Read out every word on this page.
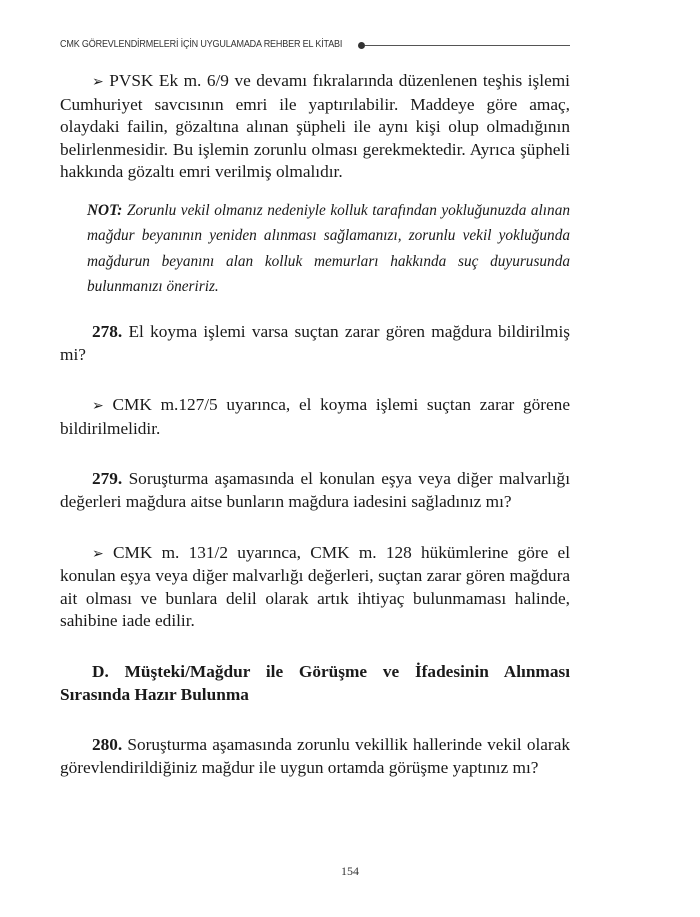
CMK GÖREVLENDİRMELERİ İÇİN UYGULAMADA REHBER EL KİTABI

➢ PVSK Ek m. 6/9 ve devamı fıkralarında düzenlenen teşhis işlemi Cumhuriyet savcısının emri ile yaptırılabilir. Maddeye göre amaç, olaydaki failin, gözaltına alınan şüpheli ile aynı kişi olup olmadığının belirlenmesidir. Bu işlemin zorunlu olması gerekmektedir. Ayrıca şüpheli hakkında gözaltı emri verilmiş olmalıdır.

NOT: Zorunlu vekil olmanız nedeniyle kolluk tarafından yokluğunuzda alınan mağdur beyanının yeniden alınması sağlamanızı, zorunlu vekil yokluğunda mağdurun beyanını alan kolluk memurları hakkında suç duyurusunda bulunmanızı öneririz.

278. El koyma işlemi varsa suçtan zarar gören mağdura bildirilmiş mi?

➢ CMK m.127/5 uyarınca, el koyma işlemi suçtan zarar görene bildirilmelidir.

279. Soruşturma aşamasında el konulan eşya veya diğer malvarlığı değerleri mağdura aitse bunların mağdura iadesini sağladınız mı?

➢ CMK m. 131/2 uyarınca, CMK m. 128 hükümlerine göre el konulan eşya veya diğer malvarlığı değerleri, suçtan zarar gören mağdura ait olması ve bunlara delil olarak artık ihtiyaç bulunmaması halinde, sahibine iade edilir.

D. Müşteki/Mağdur ile Görüşme ve İfadesinin Alınması Sırasında Hazır Bulunma

280. Soruşturma aşamasında zorunlu vekillik hallerinde vekil olarak görevlendirildiğiniz mağdur ile uygun ortamda görüşme yaptınız mı?

154
